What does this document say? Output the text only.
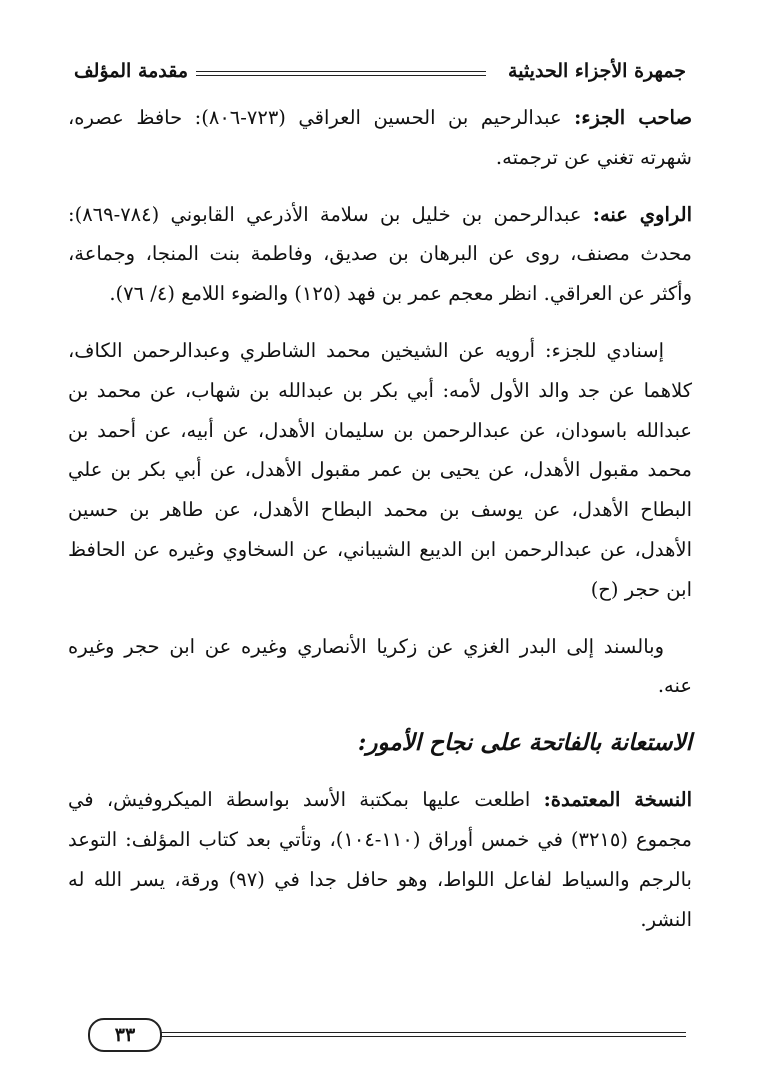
جمهرة الأجزاء الحديثية
مقدمة المؤلف

صاحب الجزء: عبدالرحيم بن الحسين العراقي (٧٢٣-٨٠٦): حافظ عصره، شهرته تغني عن ترجمته.

الراوي عنه: عبدالرحمن بن خليل بن سلامة الأذرعي القابوني (٧٨٤-٨٦٩): محدث مصنف، روى عن البرهان بن صديق، وفاطمة بنت المنجا، وجماعة، وأكثر عن العراقي. انظر معجم عمر بن فهد (١٢٥) والضوء اللامع (٤/ ٧٦).

إسنادي للجزء: أرويه عن الشيخين محمد الشاطري وعبدالرحمن الكاف، كلاهما عن جد والد الأول لأمه: أبي بكر بن عبدالله بن شهاب، عن محمد بن عبدالله باسودان، عن عبدالرحمن بن سليمان الأهدل، عن أبيه، عن أحمد بن محمد مقبول الأهدل، عن يحيى بن عمر مقبول الأهدل، عن أبي بكر بن علي البطاح الأهدل، عن يوسف بن محمد البطاح الأهدل، عن طاهر بن حسين الأهدل، عن عبدالرحمن ابن الديبع الشيباني، عن السخاوي وغيره عن الحافظ ابن حجر (ح)

وبالسند إلى البدر الغزي عن زكريا الأنصاري وغيره عن ابن حجر وغيره عنه.

الاستعانة بالفاتحة على نجاح الأمور:

النسخة المعتمدة: اطلعت عليها بمكتبة الأسد بواسطة الميكروفيش، في مجموع (٣٢١٥) في خمس أوراق (١١٠-١٠٤)، وتأتي بعد كتاب المؤلف: التوعد بالرجم والسياط لفاعل اللواط، وهو حافل جدا في (٩٧) ورقة، يسر الله له النشر.

٣٣
